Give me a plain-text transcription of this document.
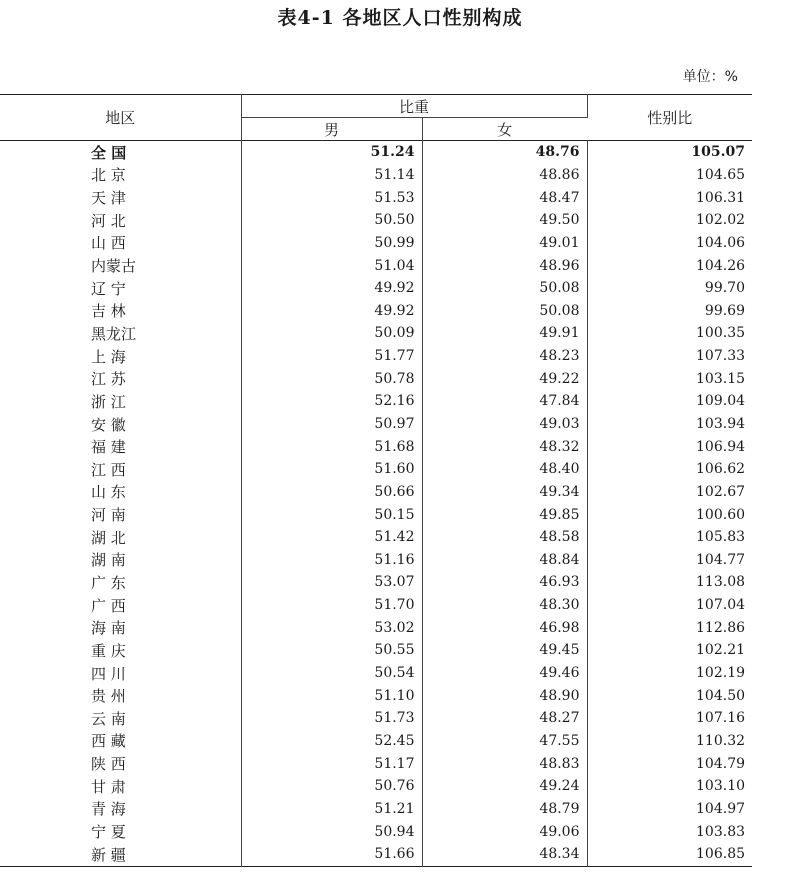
表4-1 各地区人口性别构成
单位：%
地区	比重		性别比
	男	女	
全 国	51.24	48.76	105.07
北 京	51.14	48.86	104.65
天 津	51.53	48.47	106.31
河 北	50.50	49.50	102.02
山 西	50.99	49.01	104.06
内蒙古	51.04	48.96	104.26
辽 宁	49.92	50.08	99.70
吉 林	49.92	50.08	99.69
黑龙江	50.09	49.91	100.35
上 海	51.77	48.23	107.33
江 苏	50.78	49.22	103.15
浙 江	52.16	47.84	109.04
安 徽	50.97	49.03	103.94
福 建	51.68	48.32	106.94
江 西	51.60	48.40	106.62
山 东	50.66	49.34	102.67
河 南	50.15	49.85	100.60
湖 北	51.42	48.58	105.83
湖 南	51.16	48.84	104.77
广 东	53.07	46.93	113.08
广 西	51.70	48.30	107.04
海 南	53.02	46.98	112.86
重 庆	50.55	49.45	102.21
四 川	50.54	49.46	102.19
贵 州	51.10	48.90	104.50
云 南	51.73	48.27	107.16
西 藏	52.45	47.55	110.32
陕 西	51.17	48.83	104.79
甘 肃	50.76	49.24	103.10
青 海	51.21	48.79	104.97
宁 夏	50.94	49.06	103.83
新 疆	51.66	48.34	106.85
